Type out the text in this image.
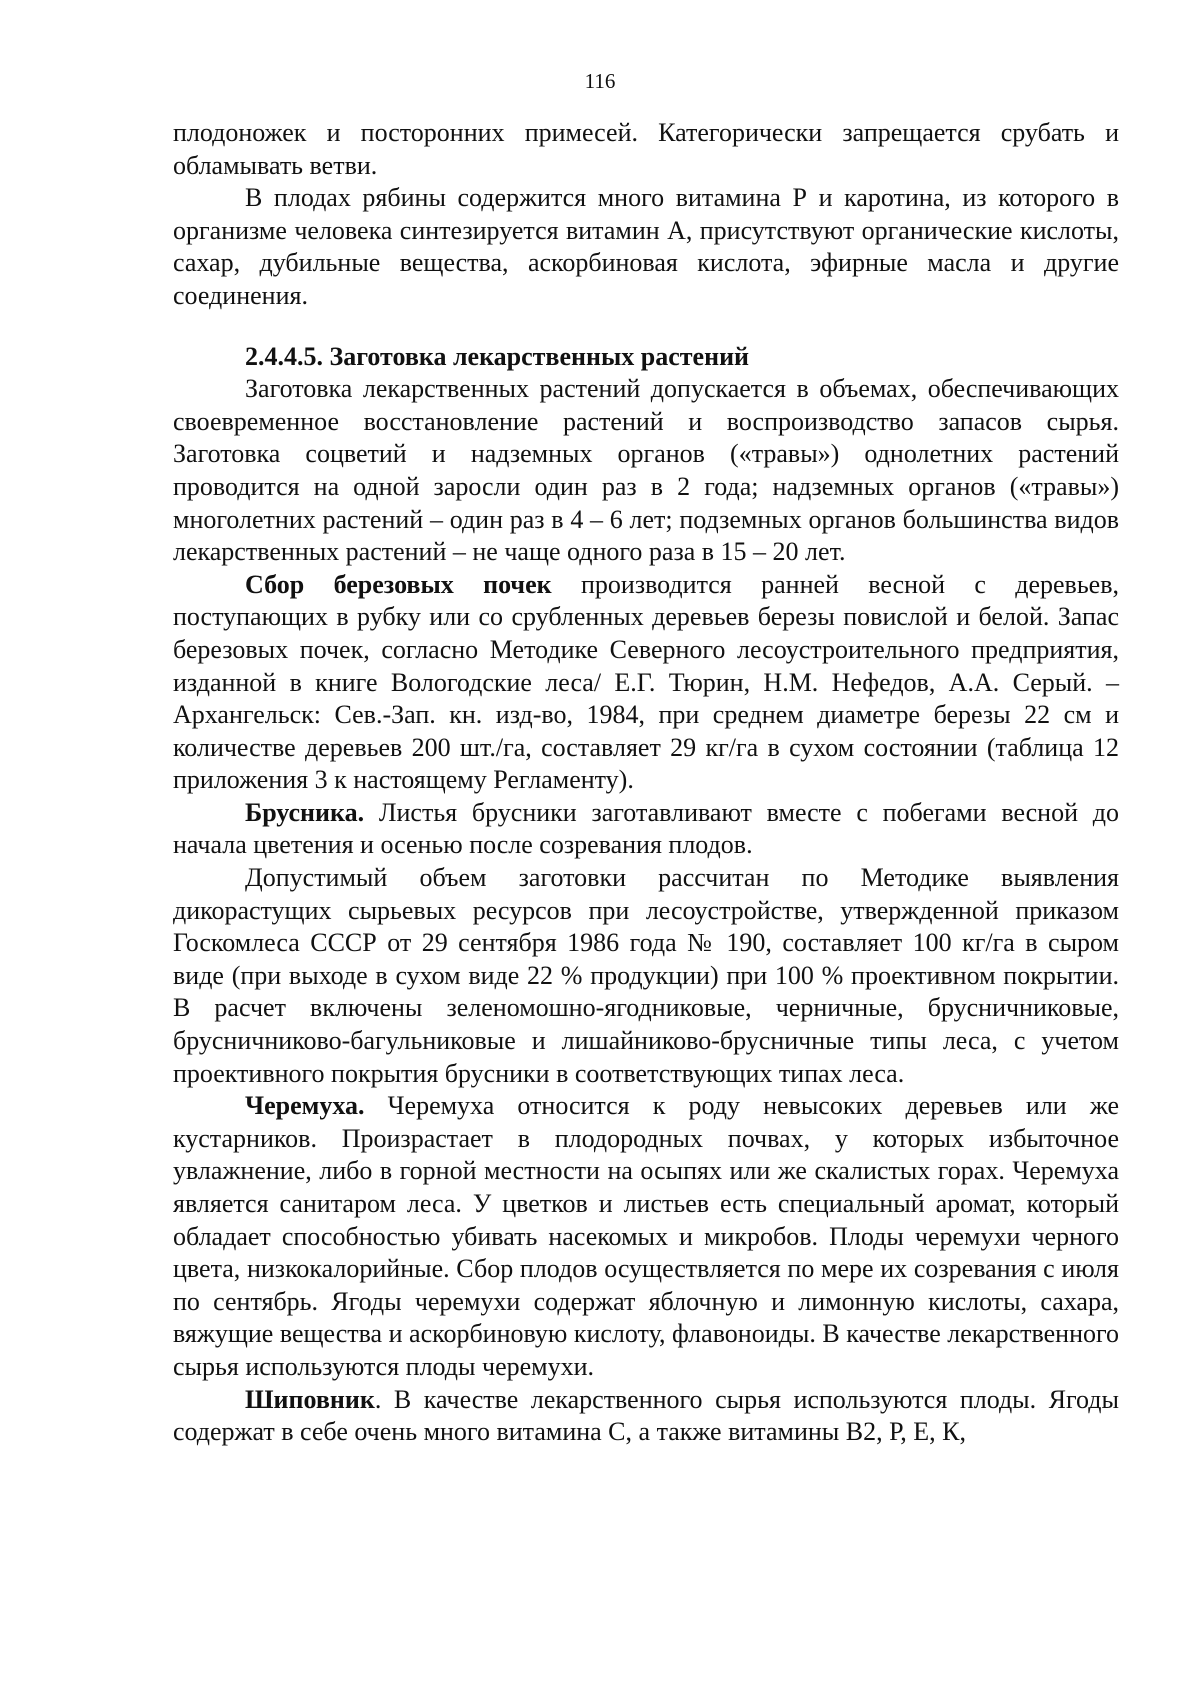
116

плодоножек и посторонних примесей. Категорически запрещается срубать и обламывать ветви.

В плодах рябины содержится много витамина Р и каротина, из которого в организме человека синтезируется витамин А, присутствуют органические кислоты, сахар, дубильные вещества, аскорбиновая кислота, эфирные масла и другие соединения.

2.4.4.5. Заготовка лекарственных растений

Заготовка лекарственных растений допускается в объемах, обеспечивающих своевременное восстановление растений и воспроизводство запасов сырья. Заготовка соцветий и надземных органов («травы») однолетних растений проводится на одной заросли один раз в 2 года; надземных органов («травы») многолетних растений – один раз в 4 – 6 лет; подземных органов большинства видов лекарственных растений – не чаще одного раза в 15 – 20 лет.

Сбор березовых почек производится ранней весной с деревьев, поступающих в рубку или со срубленных деревьев березы повислой и белой. Запас березовых почек, согласно Методике Северного лесоустроительного предприятия, изданной в книге Вологодские леса/ Е.Г. Тюрин, Н.М. Нефедов, А.А. Серый. – Архангельск: Сев.-Зап. кн. изд-во, 1984, при среднем диаметре березы 22 см и количестве деревьев 200 шт./га, составляет 29 кг/га в сухом состоянии (таблица 12 приложения 3 к настоящему Регламенту).

Брусника. Листья брусники заготавливают вместе с побегами весной до начала цветения и осенью после созревания плодов.

Допустимый объем заготовки рассчитан по Методике выявления дикорастущих сырьевых ресурсов при лесоустройстве, утвержденной приказом Госкомлеса СССР от 29 сентября 1986 года № 190, составляет 100 кг/га в сыром виде (при выходе в сухом виде 22 % продукции) при 100 % проективном покрытии. В расчет включены зеленомошно-ягодниковые, черничные, брусничниковые, брусничниково-багульниковые и лишайниково-брусничные типы леса, с учетом проективного покрытия брусники в соответствующих типах леса.

Черемуха. Черемуха относится к роду невысоких деревьев или же кустарников. Произрастает в плодородных почвах, у которых избыточное увлажнение, либо в горной местности на осыпях или же скалистых горах. Черемуха является санитаром леса. У цветков и листьев есть специальный аромат, который обладает способностью убивать насекомых и микробов. Плоды черемухи черного цвета, низкокалорийные. Сбор плодов осуществляется по мере их созревания с июля по сентябрь. Ягоды черемухи содержат яблочную и лимонную кислоты, сахара, вяжущие вещества и аскорбиновую кислоту, флавоноиды. В качестве лекарственного сырья используются плоды черемухи.

Шиповник. В качестве лекарственного сырья используются плоды. Ягоды содержат в себе очень много витамина С, а также витамины В2, Р, Е, К,
